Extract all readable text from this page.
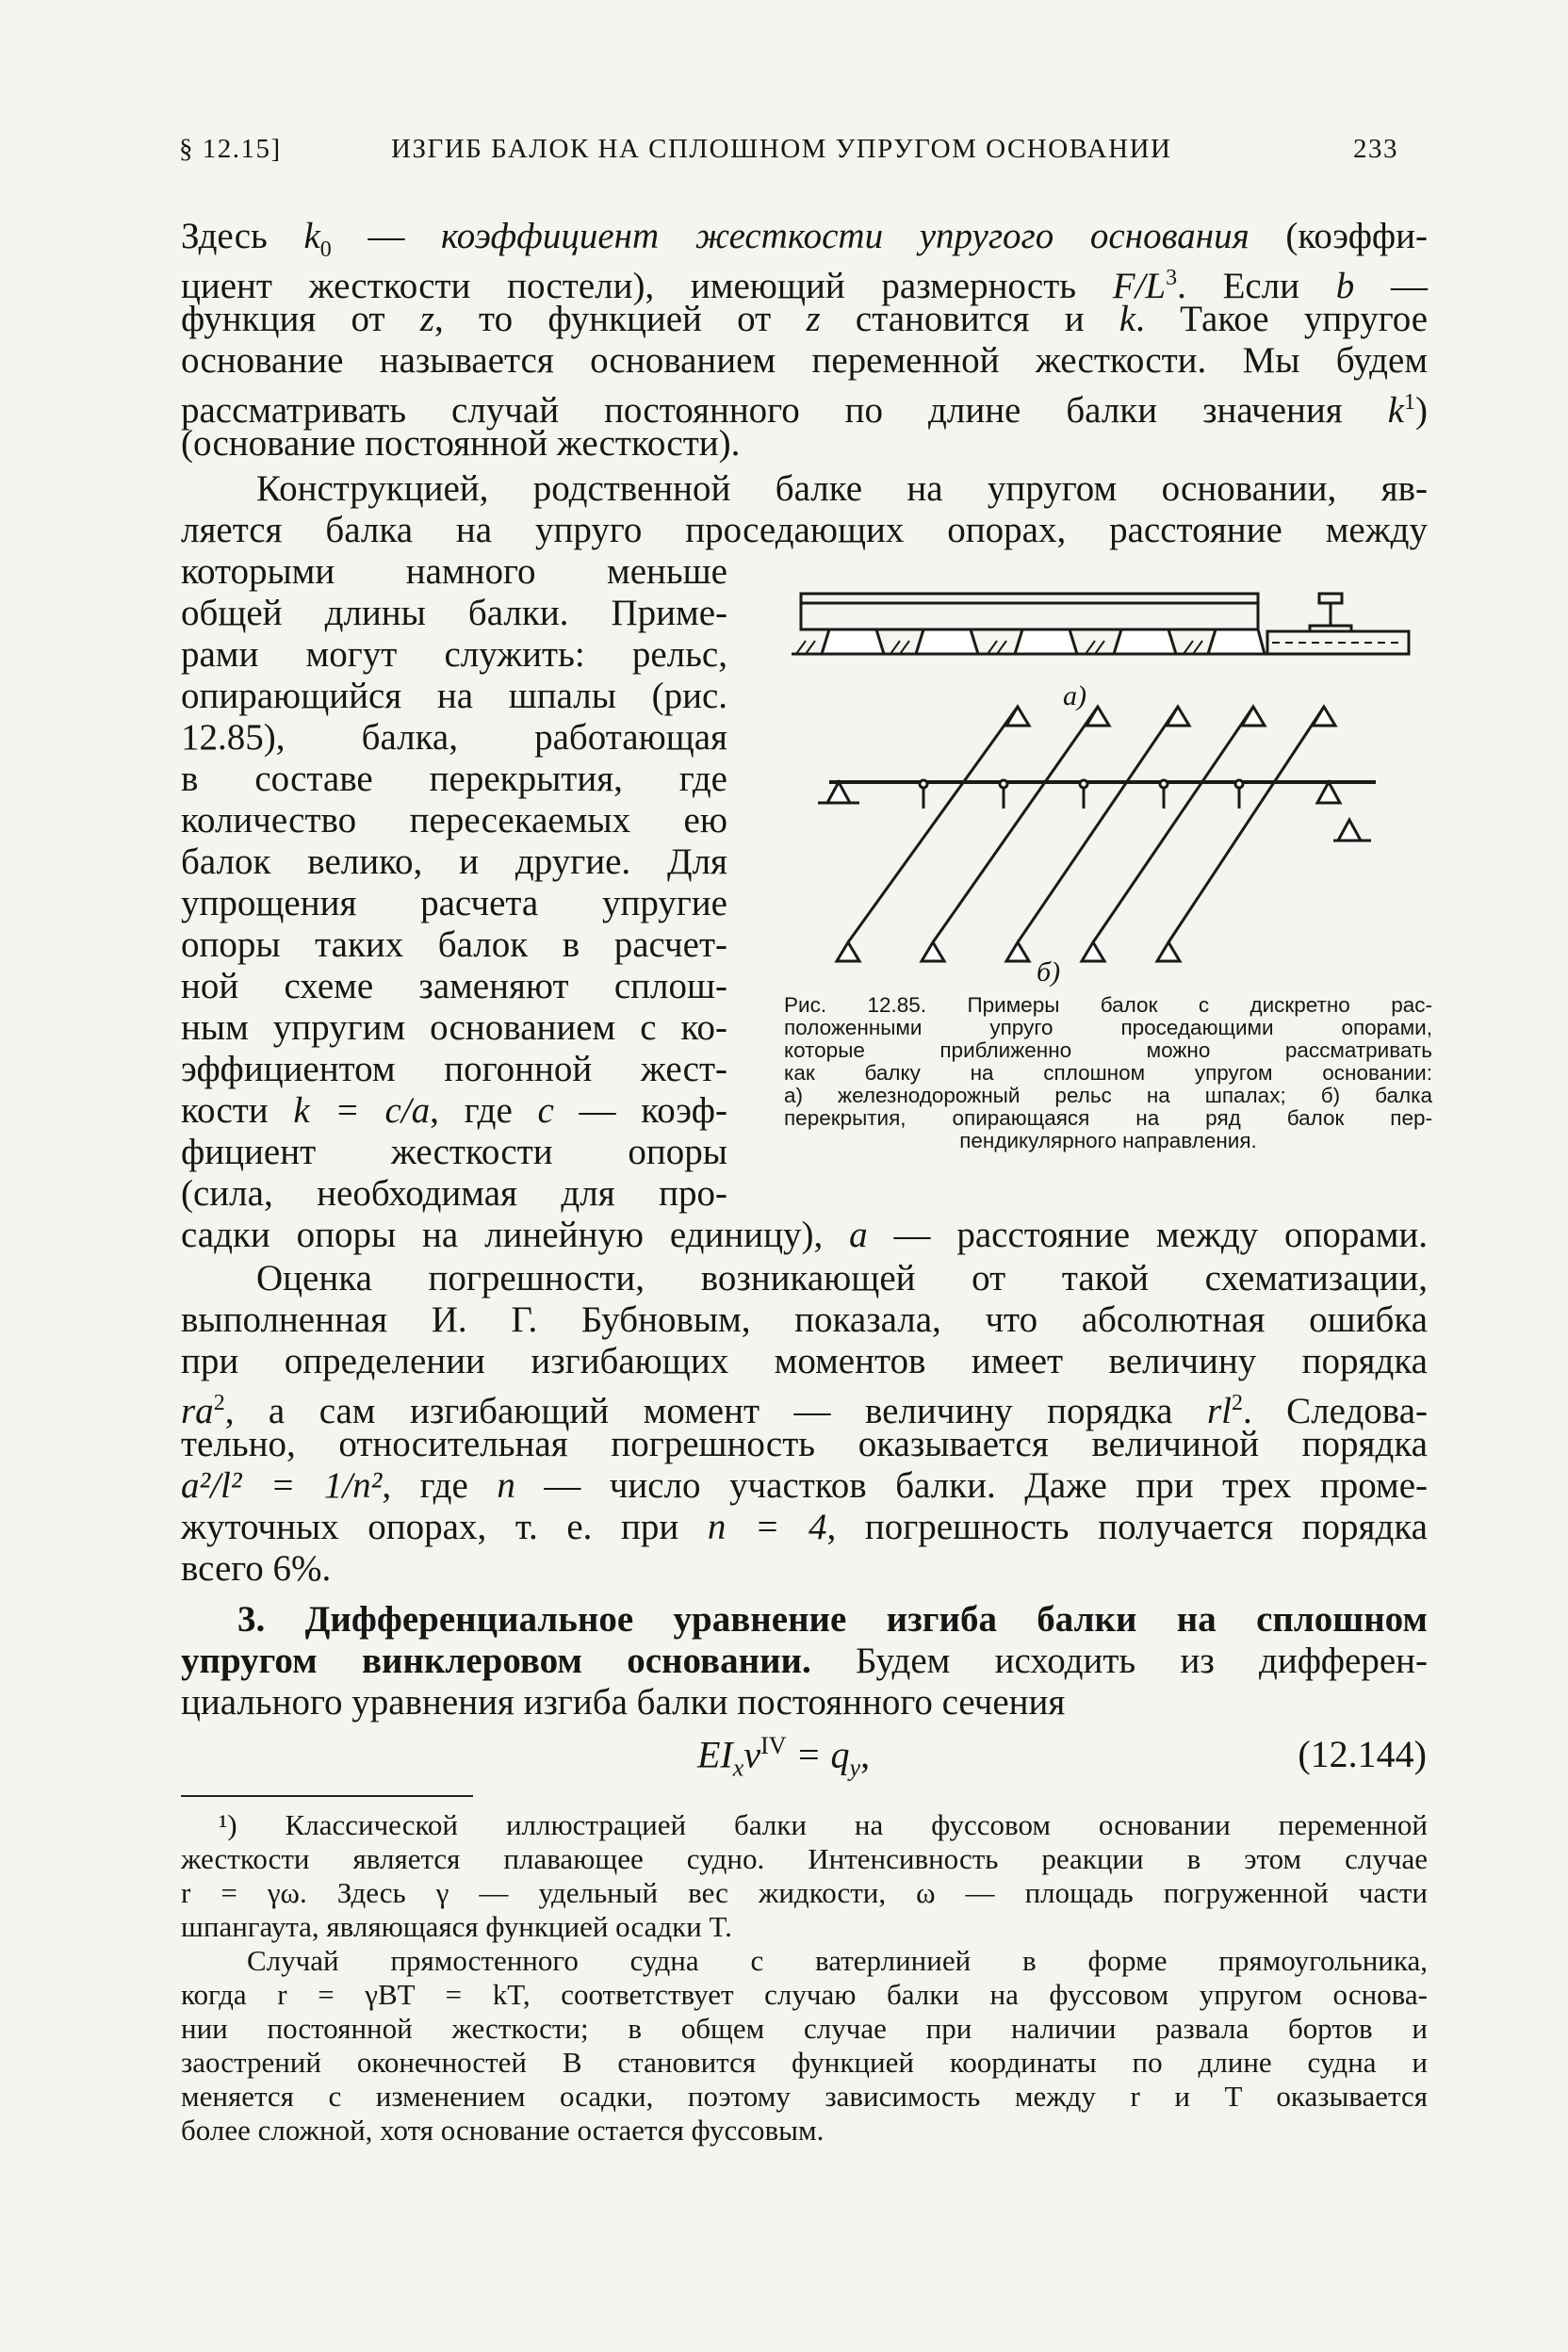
§ 12.15]	ИЗГИБ БАЛОК НА СПЛОШНОМ УПРУГОМ ОСНОВАНИИ	233
Здесь $k_0$ — коэффициент жесткости упругого основания (коэффи-
циент жесткости постели), имеющий размерность $F/L^3$. Если b —
функция от z, то функцией от z становится и k. Такое упругое
основание называется основанием переменной жесткости. Мы будем
рассматривать случай постоянного по длине балки значения $k^1$)
(основание постоянной жесткости).
Конструкцией, родственной балке на упругом основании, яв-
ляется балка на упруго проседающих опорах, расстояние между
которыми намного меньше
общей длины балки. Приме-
рами могут служить: рельс,
опирающийся на шпалы (рис.
12.85), балка, работающая
в составе перекрытия, где
количество пересекаемых ею
балок велико, и другие. Для
упрощения расчета упругие
опоры таких балок в расчет-
ной схеме заменяют сплош-
ным упругим основанием с ко-
эффициентом погонной жест-
кости k = c/a, где c — коэф-
фициент жесткости опоры
(сила, необходимая для про-
садки опоры на линейную единицу), a — расстояние между опорами.
Оценка погрешности, возникающей от такой схематизации,
выполненная И. Г. Бубновым, показала, что абсолютная ошибка
при определении изгибающих моментов имеет величину порядка
$ra^2$, а сам изгибающий момент — величину порядка $rl^2$. Следова-
тельно, относительная погрешность оказывается величиной порядка
a²/l² = 1/n², где n — число участков балки. Даже при трех проме-
жуточных опорах, т. е. при n = 4, погрешность получается порядка
всего 6%.
3. Дифференциальное уравнение изгиба балки на сплошном
упругом винклеровом основании. Будем исходить из дифферен-
циального уравнения изгиба балки постоянного сечения
$EI_xv^{IV} = q_y$,	(12.144)
а)
б)
Рис. 12.85. Примеры балок с дискретно рас-
положенными упруго проседающими опорами,
которые приближенно можно рассматривать
как балку на сплошном упругом основании:
а) железнодорожный рельс на шпалах; б) балка
перекрытия, опирающаяся на ряд балок пер-
пендикулярного направления.
¹) Классической иллюстрацией балки на фуссовом основании переменной
жесткости является плавающее судно. Интенсивность реакции в этом случае
r = γω. Здесь γ — удельный вес жидкости, ω — площадь погруженной части
шпангаута, являющаяся функцией осадки T.
Случай прямостенного судна с ватерлинией в форме прямоугольника,
когда r = γBT = kT, соответствует случаю балки на фуссовом упругом основа-
нии постоянной жесткости; в общем случае при наличии развала бортов и
заострений оконечностей B становится функцией координаты по длине судна и
меняется с изменением осадки, поэтому зависимость между r и T оказывается
более сложной, хотя основание остается фуссовым.
